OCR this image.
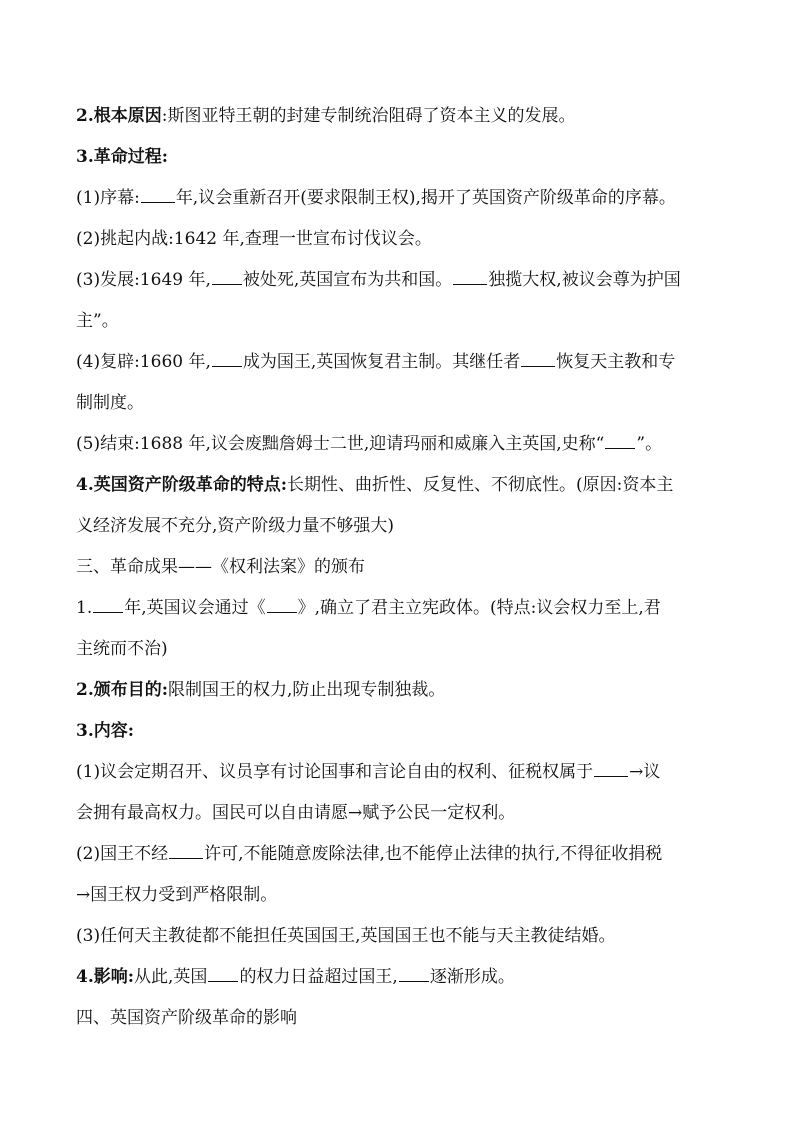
2.根本原因:斯图亚特王朝的封建专制统治阻碍了资本主义的发展。
3.革命过程:
(1)序幕: 年,议会重新召开(要求限制王权),揭开了英国资产阶级革命的序幕。
(2)挑起内战:1642 年,查理一世宣布讨伐议会。
(3)发展:1649 年, 被处死,英国宣布为共和国。 独揽大权,被议会尊为护国
主”。
(4)复辟:1660 年, 成为国王,英国恢复君主制。其继任者 恢复天主教和专
制制度。
(5)结束:1688 年,议会废黜詹姆士二世,迎请玛丽和威廉入主英国,史称“ ”。
4.英国资产阶级革命的特点:长期性、曲折性、反复性、不彻底性。(原因:资本主
义经济发展不充分,资产阶级力量不够强大)
三、革命成果——《权利法案》的颁布
1. 年,英国议会通过《 》,确立了君主立宪政体。(特点:议会权力至上,君
主统而不治)
2.颁布目的:限制国王的权力,防止出现专制独裁。
3.内容:
(1)议会定期召开、议员享有讨论国事和言论自由的权利、征税权属于 →议
会拥有最高权力。国民可以自由请愿→赋予公民一定权利。
(2)国王不经 许可,不能随意废除法律,也不能停止法律的执行,不得征收捐税
→国王权力受到严格限制。
(3)任何天主教徒都不能担任英国国王,英国国王也不能与天主教徒结婚。
4.影响:从此,英国 的权力日益超过国王, 逐渐形成。
四、英国资产阶级革命的影响
